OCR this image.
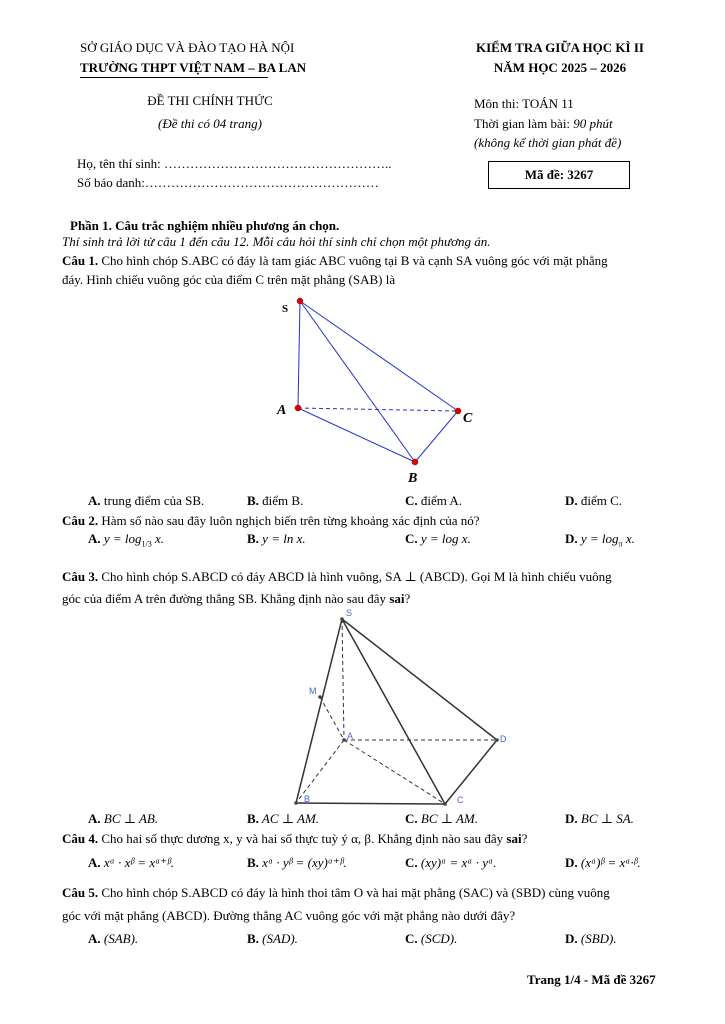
SỞ GIÁO DỤC VÀ ĐÀO TẠO HÀ NỘI
TRƯỜNG THPT VIỆT NAM – BA LAN
KIỂM TRA GIỮA HỌC KÌ II
NĂM HỌC 2025 – 2026
ĐỀ THI CHÍNH THỨC
(Đề thi có 04 trang)
Môn thi: TOÁN 11
Thời gian làm bài: 90 phút
(không kể thời gian phát đề)
Họ, tên thí sinh: ……………………………………………..
Số báo danh:………………………………………………
Mã đề: 3267
Phần 1. Câu trắc nghiệm nhiều phương án chọn.
Thí sinh trả lời từ câu 1 đến câu 12. Mỗi câu hỏi thí sinh chỉ chọn một phương án.
Câu 1. Cho hình chóp S.ABC có đáy là tam giác ABC vuông tại B và cạnh SA vuông góc với mặt phẳng
đáy. Hình chiếu vuông góc của điểm C trên mặt phẳng (SAB) là
S
A
C
B
S
M
A	D
B	C
A. trung điểm của SB.	B. điểm B.	C. điểm A.	D. điểm C.
Câu 2. Hàm số nào sau đây luôn nghịch biến trên từng khoảng xác định của nó?
A. $y = \log_{1/3} x$.	B. y = ln x.	C. y = log x.	D. $y = \log_\pi x$.
Câu 3. Cho hình chóp S.ABCD có đáy ABCD là hình vuông, SA ⊥ (ABCD). Gọi M là hình chiếu vuông
góc của điểm A trên đường thẳng SB. Khẳng định nào sau đây sai?
A. BC ⊥ AB.	B. AC ⊥ AM.	C. BC ⊥ AM.	D. BC ⊥ SA.
Câu 4. Cho hai số thực dương x, y và hai số thực tuỳ ý α, β. Khẳng định nào sau đây sai?
A. xᵅ · xᵝ = xᵅ⁺ᵝ.	B. xᵅ · yᵝ = (xy)ᵅ⁺ᵝ.	C. (xy)ᵅ = xᵅ · yᵅ.	D. (xᵅ)ᵝ = xᵅ·ᵝ.
Câu 5. Cho hình chóp S.ABCD có đáy là hình thoi tâm O và hai mặt phẳng (SAC) và (SBD) cùng vuông
góc với mặt phẳng (ABCD). Đường thẳng AC vuông góc với mặt phẳng nào dưới đây?
A. (SAB).	B. (SAD).	C. (SCD).	D. (SBD).
Trang 1/4 - Mã đề 3267
